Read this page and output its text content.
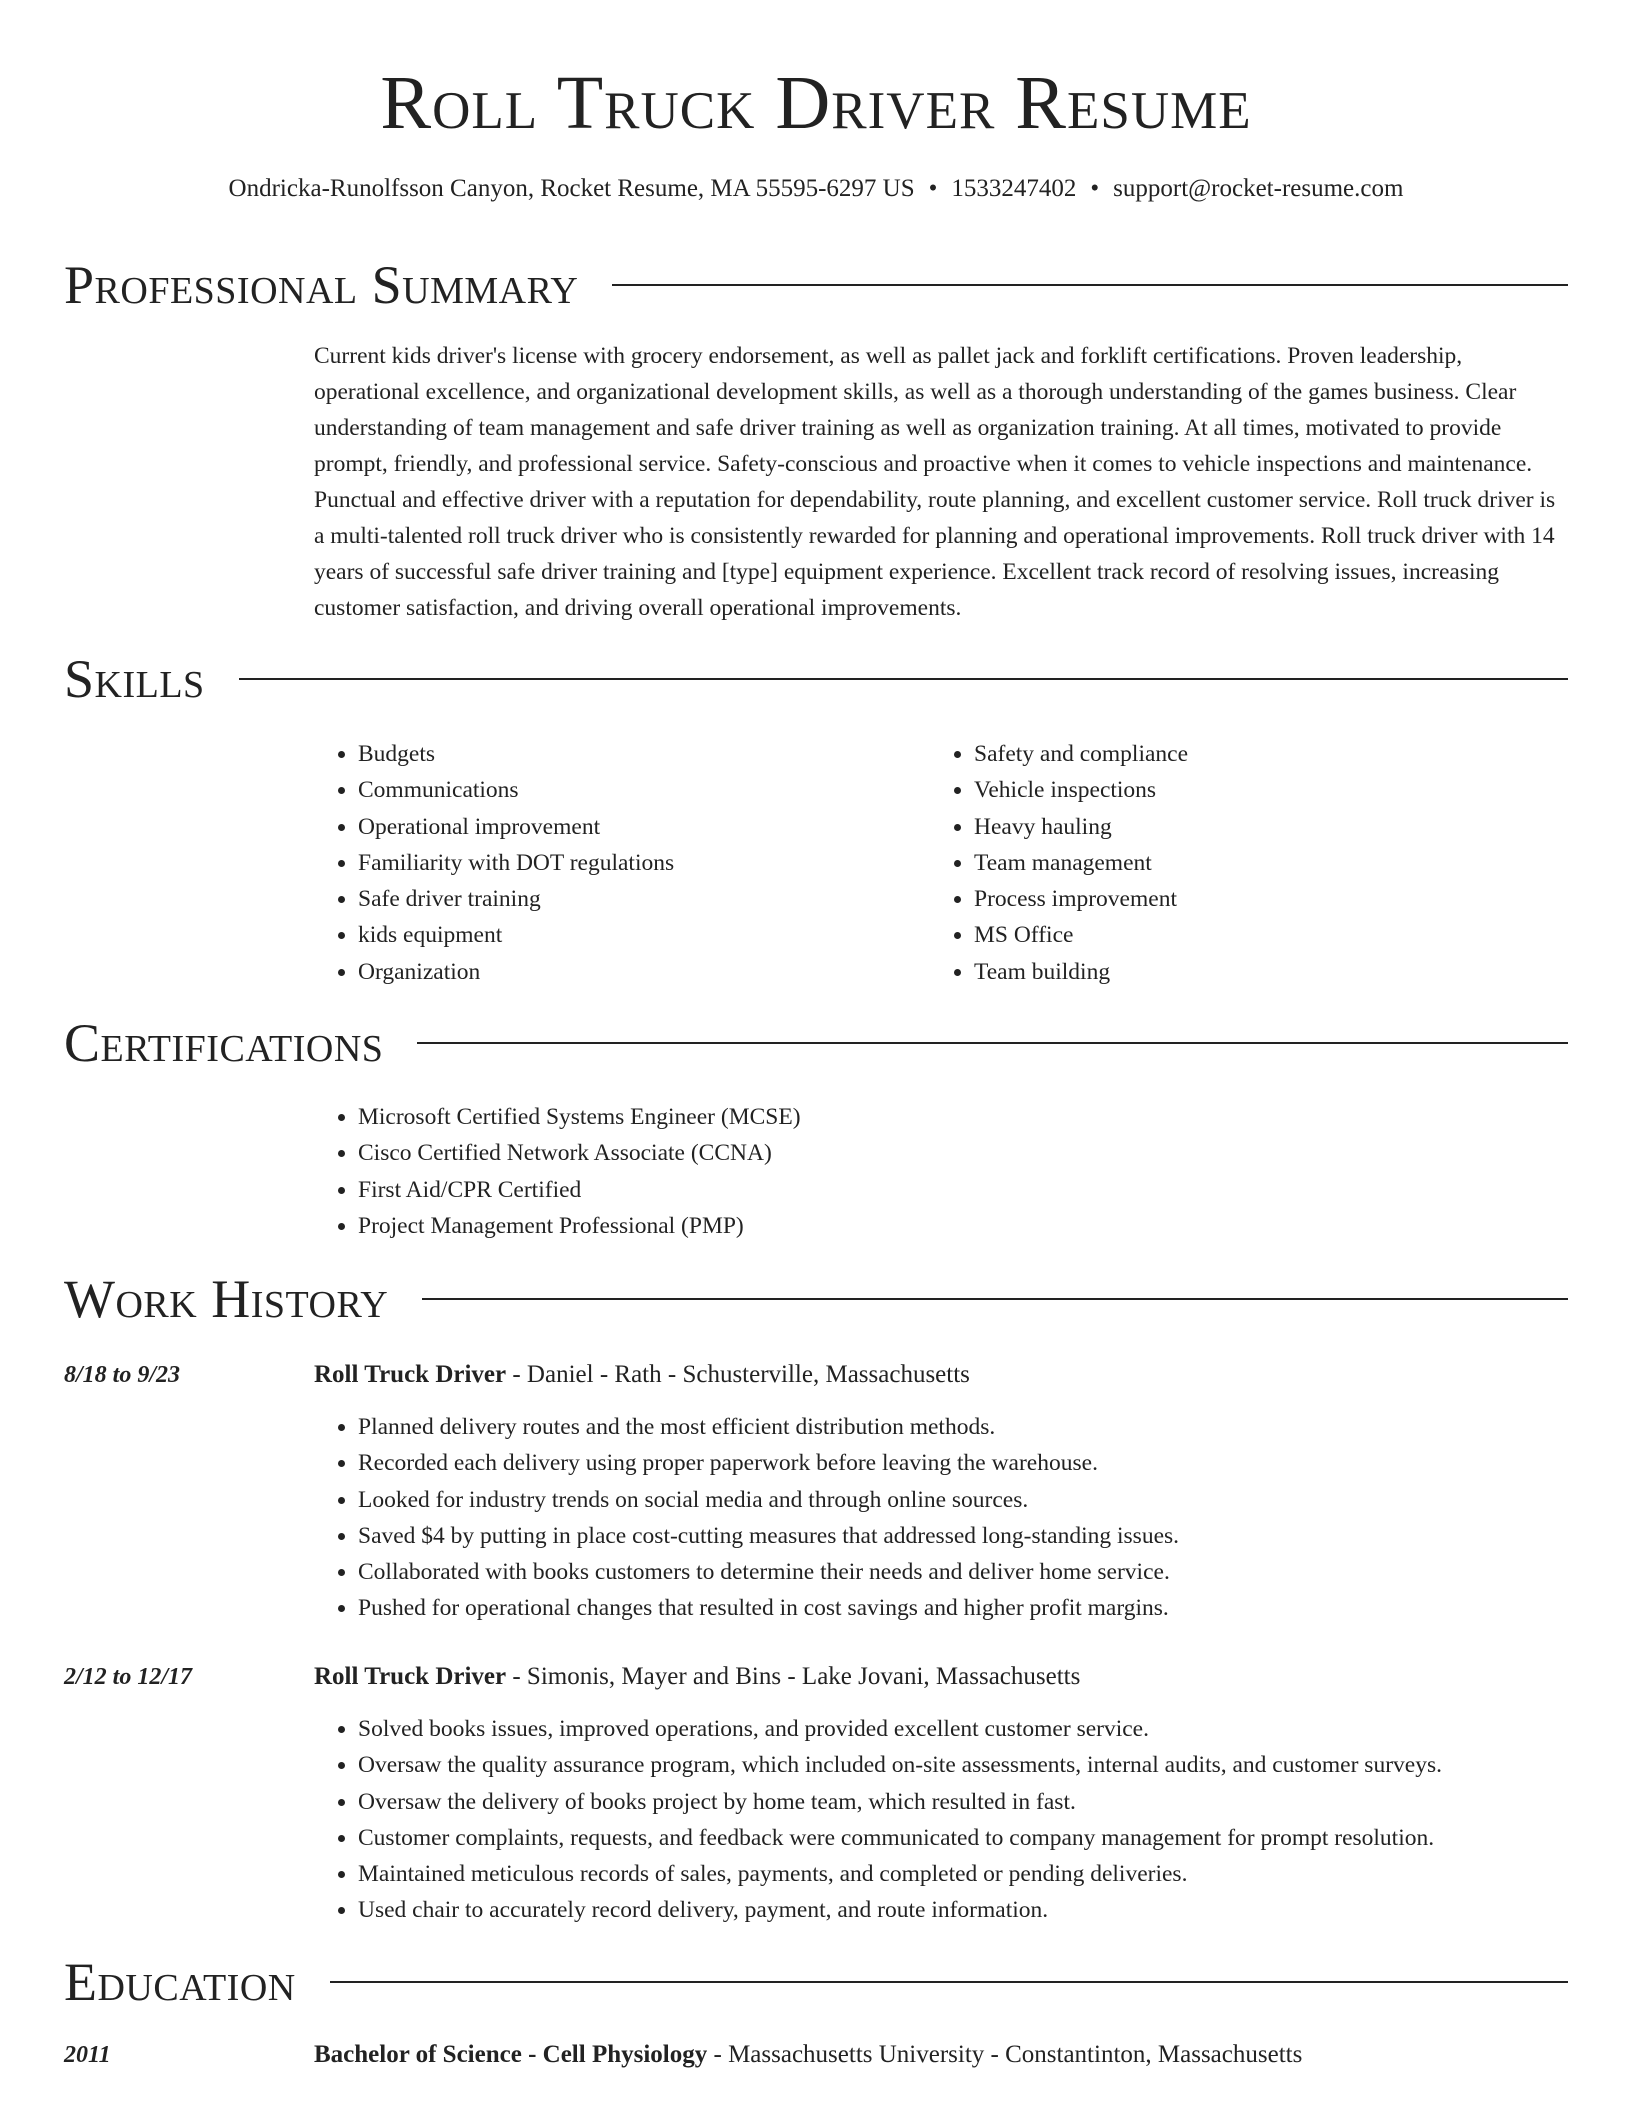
Roll Truck Driver Resume
Ondricka-Runolfsson Canyon, Rocket Resume, MA 55595-6297 US • 1533247402 • support@rocket-resume.com
Professional Summary

Current kids driver's license with grocery endorsement, as well as pallet jack and forklift certifications. Proven leadership, operational excellence, and organizational development skills, as well as a thorough understanding of the games business. Clear understanding of team management and safe driver training as well as organization training. At all times, motivated to provide prompt, friendly, and professional service. Safety-conscious and proactive when it comes to vehicle inspections and maintenance. Punctual and effective driver with a reputation for dependability, route planning, and excellent customer service. Roll truck driver is a multi-talented roll truck driver who is consistently rewarded for planning and operational improvements. Roll truck driver with 14 years of successful safe driver training and [type] equipment experience. Excellent track record of resolving issues, increasing customer satisfaction, and driving overall operational improvements.

Skills
• Budgets
• Communications
• Operational improvement
• Familiarity with DOT regulations
• Safe driver training
• kids equipment
• Organization
• Safety and compliance
• Vehicle inspections
• Heavy hauling
• Team management
• Process improvement
• MS Office
• Team building
Certifications
• Microsoft Certified Systems Engineer (MCSE)
• Cisco Certified Network Associate (CCNA)
• First Aid/CPR Certified
• Project Management Professional (PMP)
Work History
8/18 to 9/23	Roll Truck Driver - Daniel - Rath - Schusterville, Massachusetts
• Planned delivery routes and the most efficient distribution methods.
• Recorded each delivery using proper paperwork before leaving the warehouse.
• Looked for industry trends on social media and through online sources.
• Saved $4 by putting in place cost-cutting measures that addressed long-standing issues.
• Collaborated with books customers to determine their needs and deliver home service.
• Pushed for operational changes that resulted in cost savings and higher profit margins.
2/12 to 12/17	Roll Truck Driver - Simonis, Mayer and Bins - Lake Jovani, Massachusetts
• Solved books issues, improved operations, and provided excellent customer service.
• Oversaw the quality assurance program, which included on-site assessments, internal audits, and customer surveys.
• Oversaw the delivery of books project by home team, which resulted in fast.
• Customer complaints, requests, and feedback were communicated to company management for prompt resolution.
• Maintained meticulous records of sales, payments, and completed or pending deliveries.
• Used chair to accurately record delivery, payment, and route information.
Education
2011	Bachelor of Science - Cell Physiology - Massachusetts University - Constantinton, Massachusetts
